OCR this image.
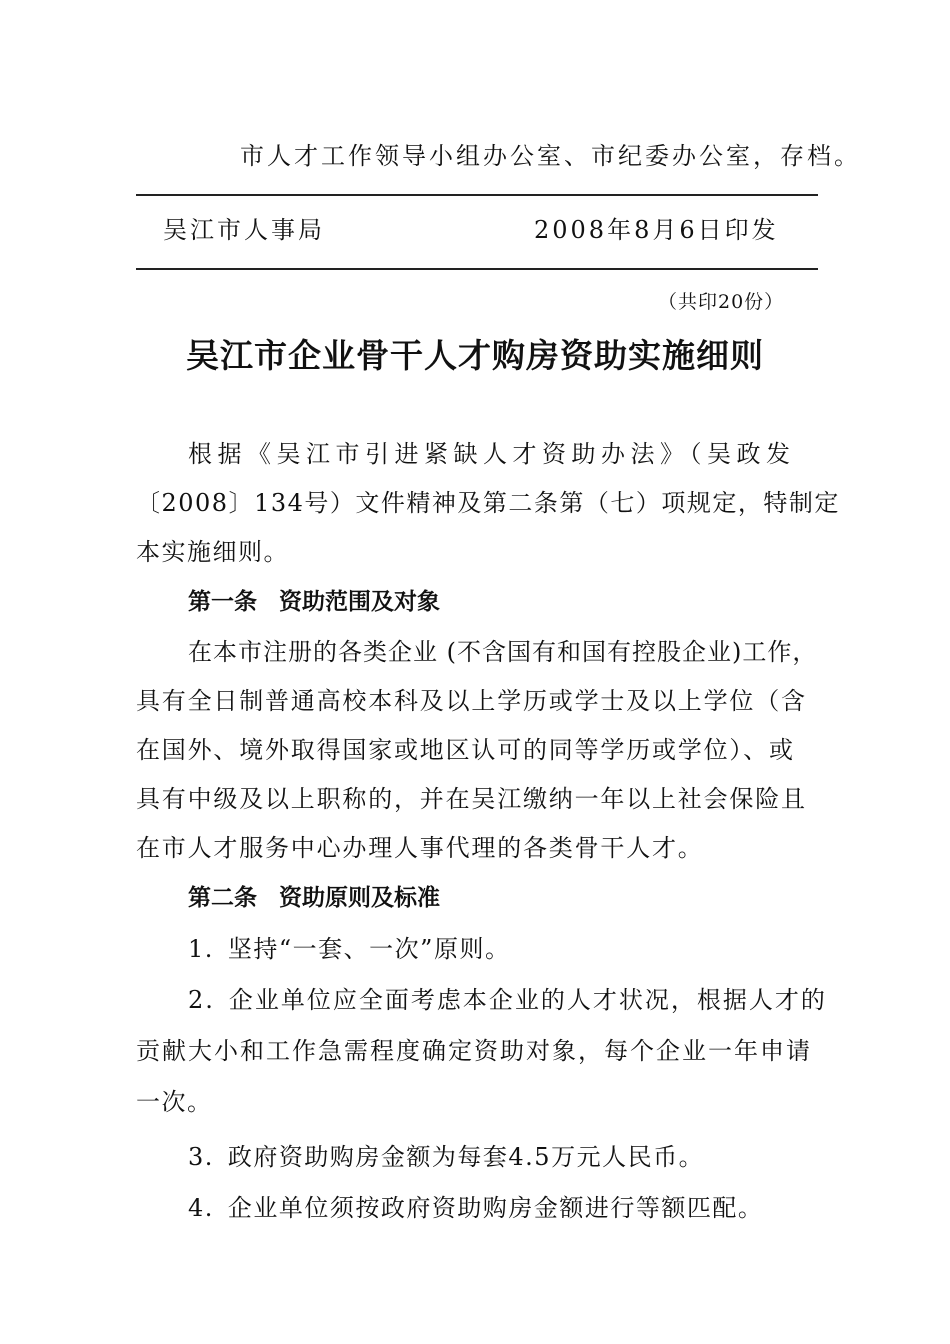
市人才工作领导小组办公室、市纪委办公室，存档。
吴江市人事局	2008年8月6日印发
（共印20份）
吴江市企业骨干人才购房资助实施细则

根据《吴江市引进紧缺人才资助办法》（吴政发
〔2008〕134号）文件精神及第二条第（七）项规定，特制定
本实施细则。

第一条 资助范围及对象

在本市注册的各类企业 (不含国有和国有控股企业)工作，
具有全日制普通高校本科及以上学历或学士及以上学位（含
在国外、境外取得国家或地区认可的同等学历或学位）、或
具有中级及以上职称的，并在吴江缴纳一年以上社会保险且
在市人才服务中心办理人事代理的各类骨干人才。

第二条 资助原则及标准
1. 坚持“一套、一次”原则。
2. 企业单位应全面考虑本企业的人才状况，根据人才的
贡献大小和工作急需程度确定资助对象，每个企业一年申请
一次。
3. 政府资助购房金额为每套4.5万元人民币。
4. 企业单位须按政府资助购房金额进行等额匹配。
